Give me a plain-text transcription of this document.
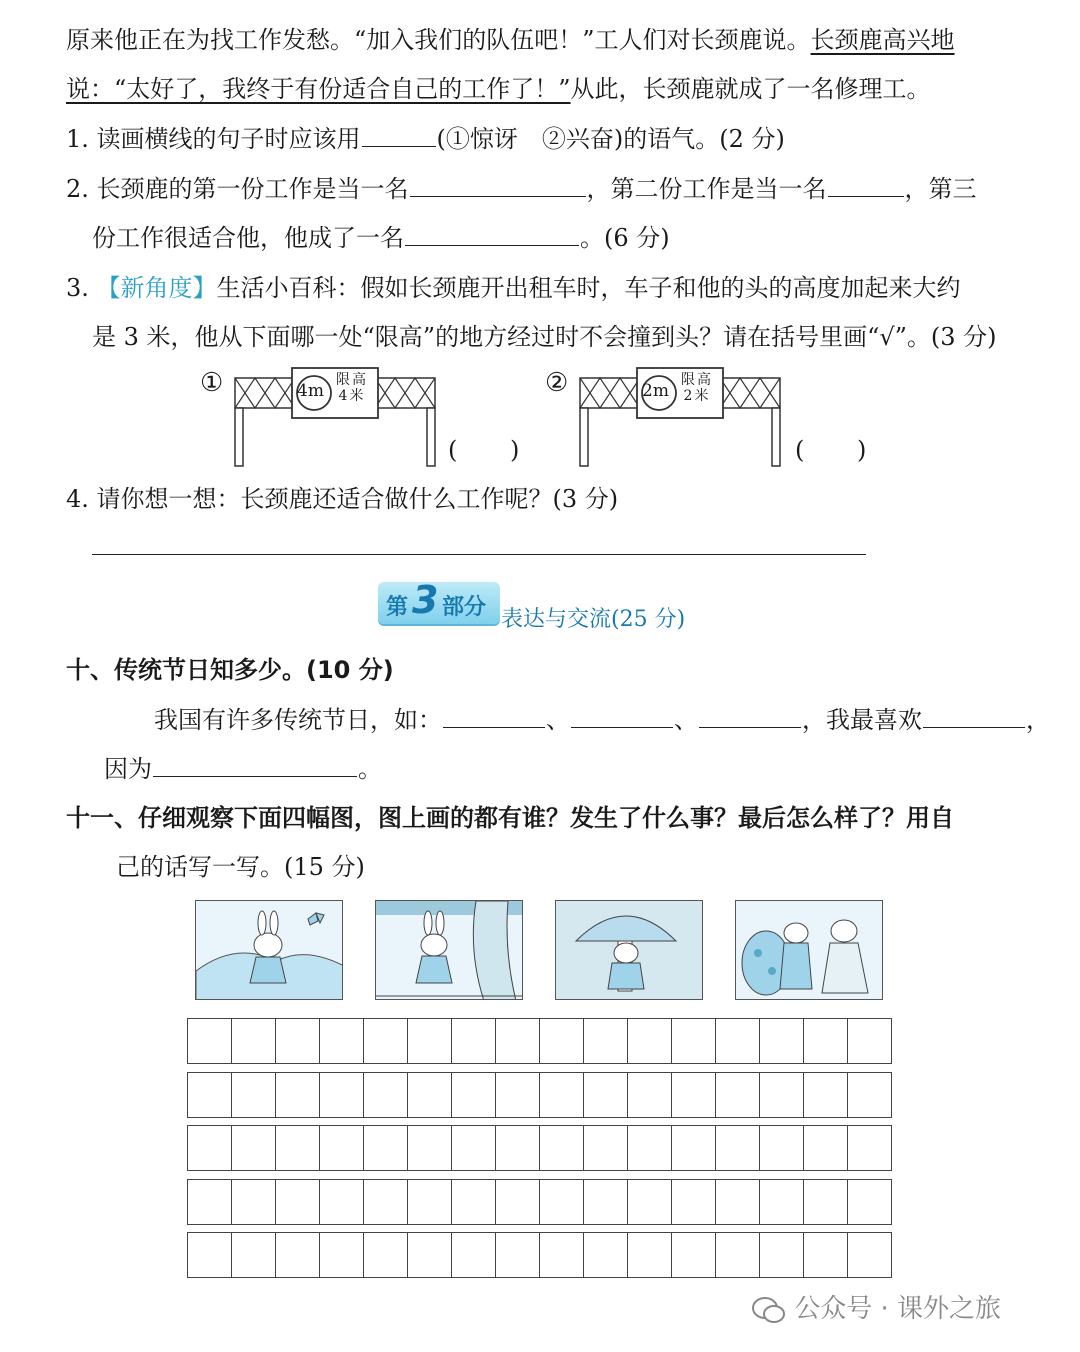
原来他正在为找工作发愁。“加入我们的队伍吧！”工人们对长颈鹿说。长颈鹿高兴地
说：“太好了，我终于有份适合自己的工作了！”从此，长颈鹿就成了一名修理工。
1. 读画横线的句子时应该用	(①惊讶　②兴奋)的语气。(2 分)
2. 长颈鹿的第一份工作是当一名	，第二份工作是当一名	，第三
份工作很适合他，他成了一名	。(6 分)
3. 【新角度】生活小百科：假如长颈鹿开出租车时，车子和他的头的高度加起来大约
是 3 米，他从下面哪一处“限高”的地方经过时不会撞到头？请在括号里画“√”。(3 分)
①	4m
限高4米
( )
②	2m
限高2米
( )
4. 请你想一想：长颈鹿还适合做什么工作呢？(3 分)
第 3 部分 表达与交流(25 分)
十、传统节日知多少。(10 分)
我国有许多传统节日，如：	、	、	，我最喜欢	，
因为	。
十一、仔细观察下面四幅图，图上画的都有谁？发生了什么事？最后怎么样了？用自
己的话写一写。(15 分)
公众号 · 课外之旅
